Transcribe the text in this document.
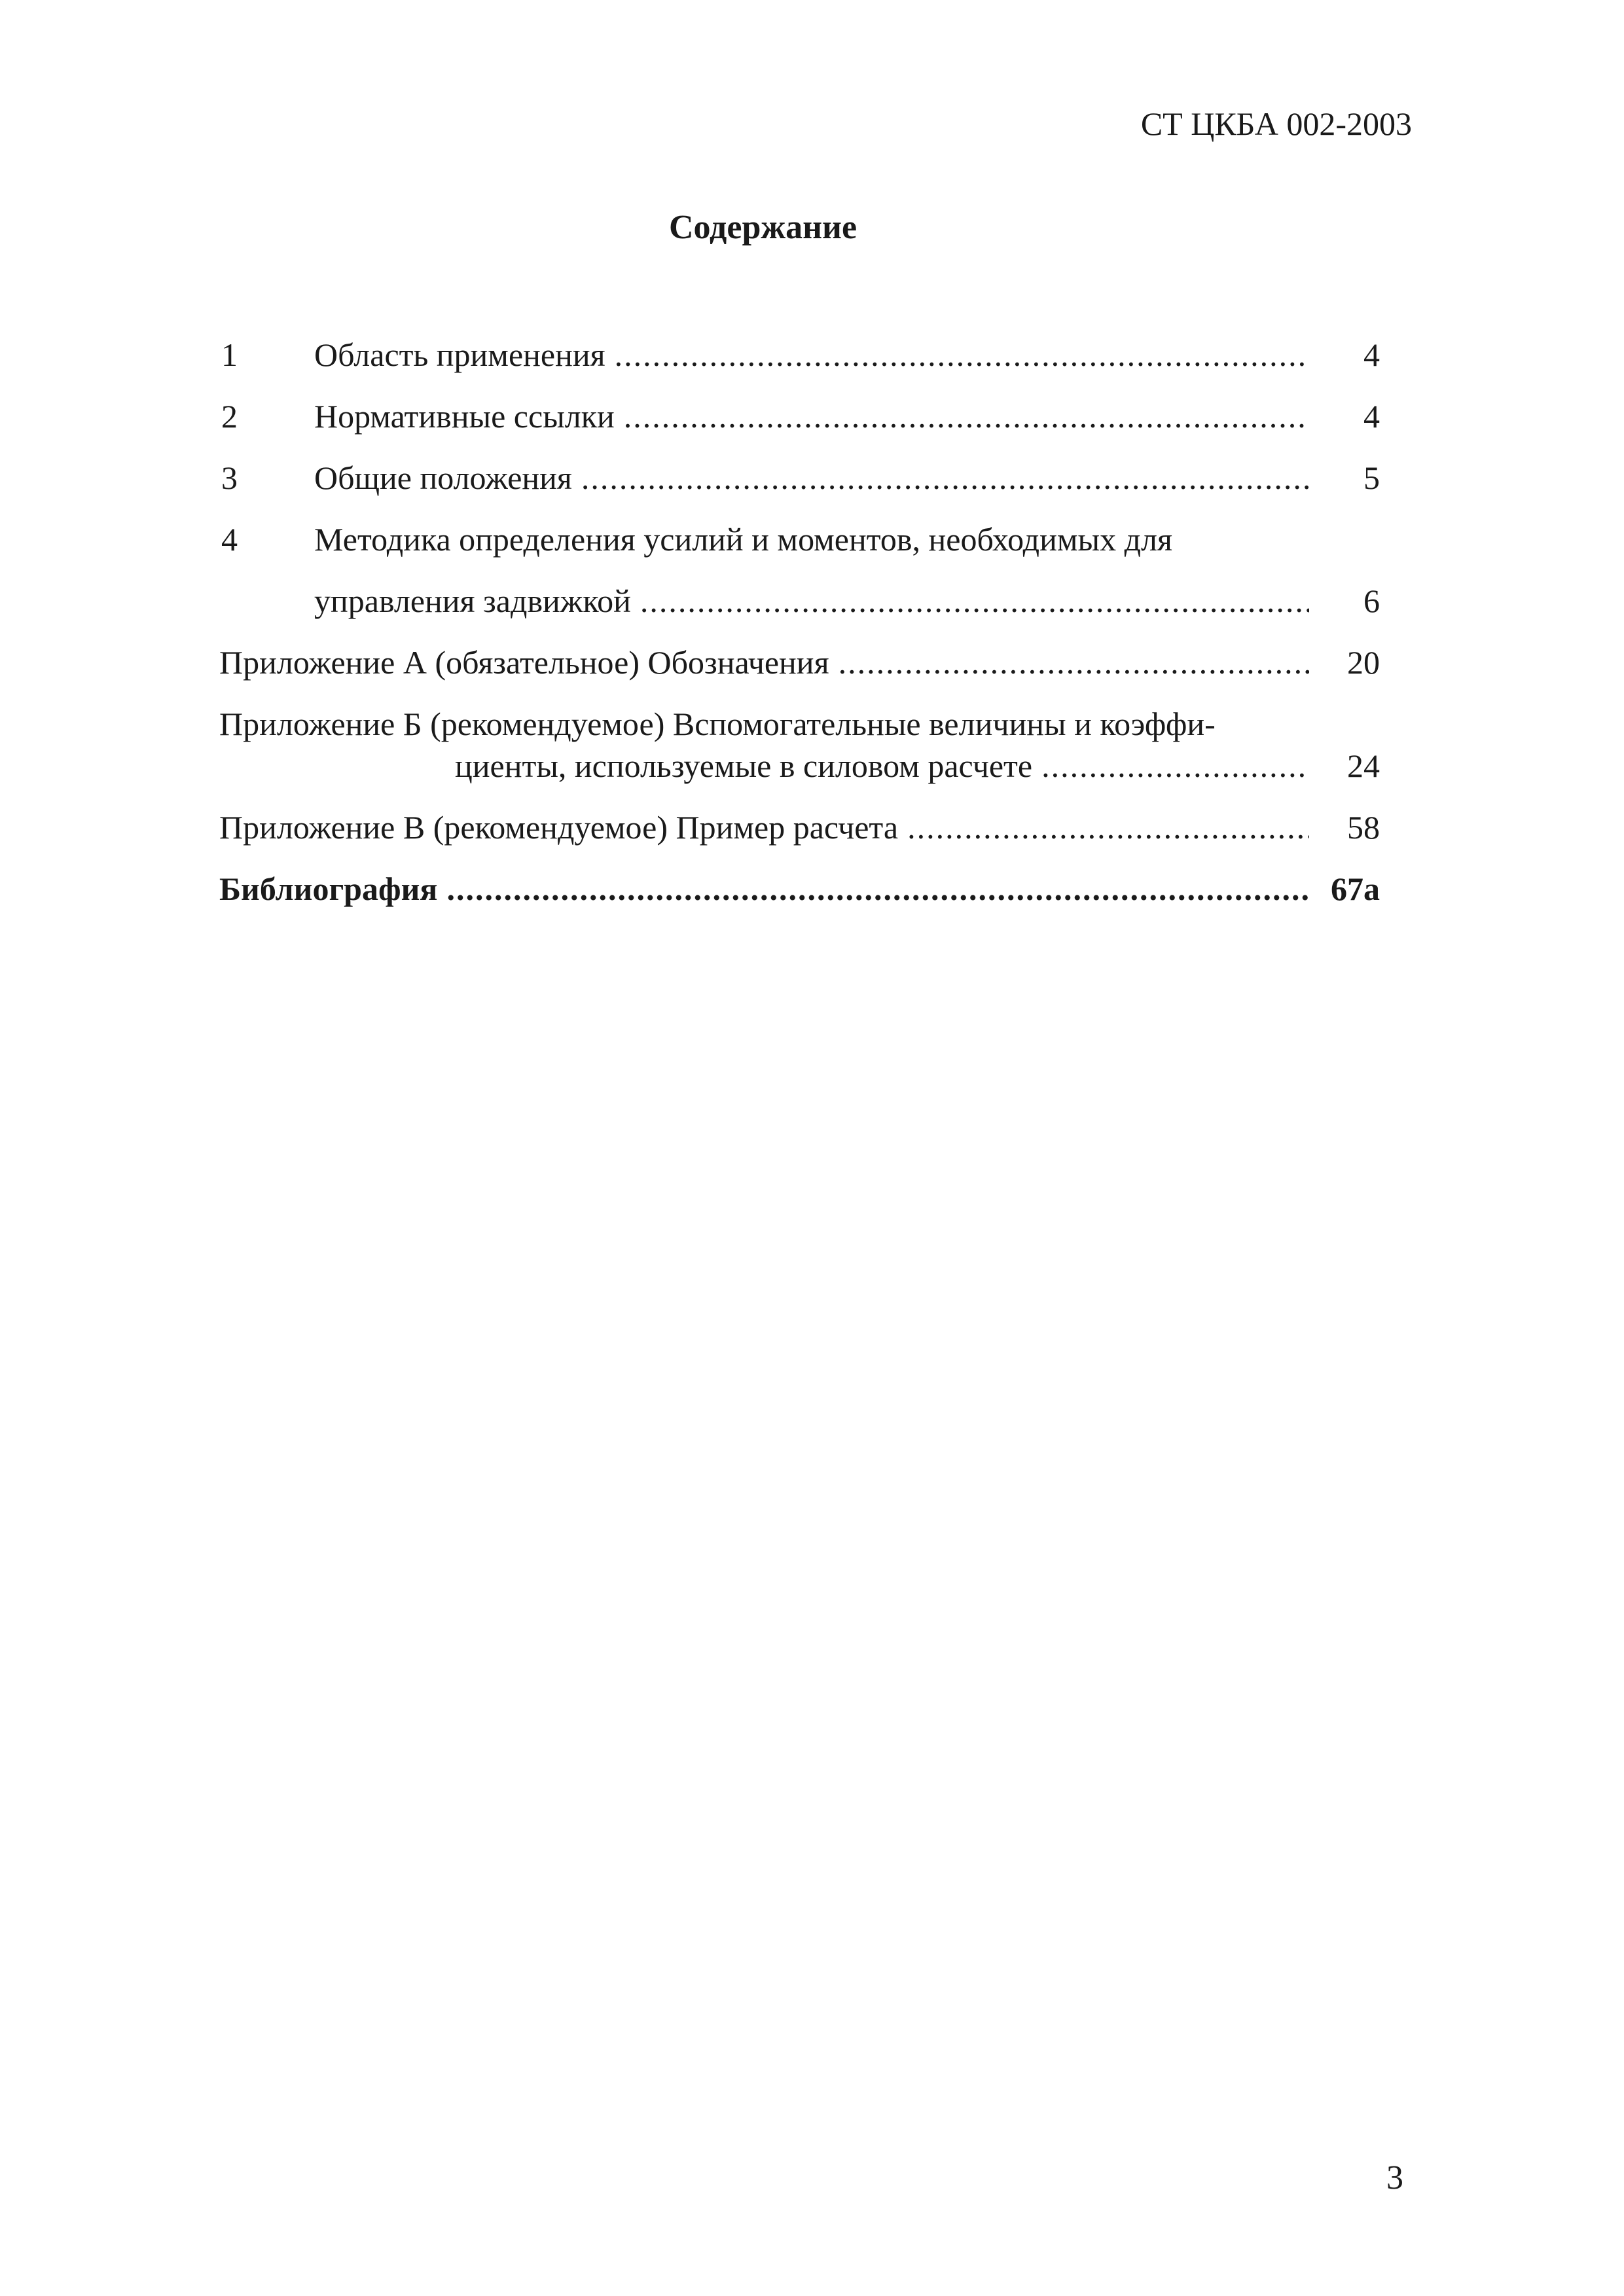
СТ ЦКБА 002-2003
Содержание
1 Область применения .....	4
2 Нормативные ссылки .....	4
3 Общие положения .....	5
4 Методика определения усилий и моментов, необходимых для
управления задвижкой .....	6
Приложение А (обязательное) Обозначения .....	20
Приложение Б (рекомендуемое) Вспомогательные величины и коэффи-
циенты, используемые в силовом расчете .....	24
Приложение В (рекомендуемое) Пример расчета .....	58
Библиография .....	67а
3
